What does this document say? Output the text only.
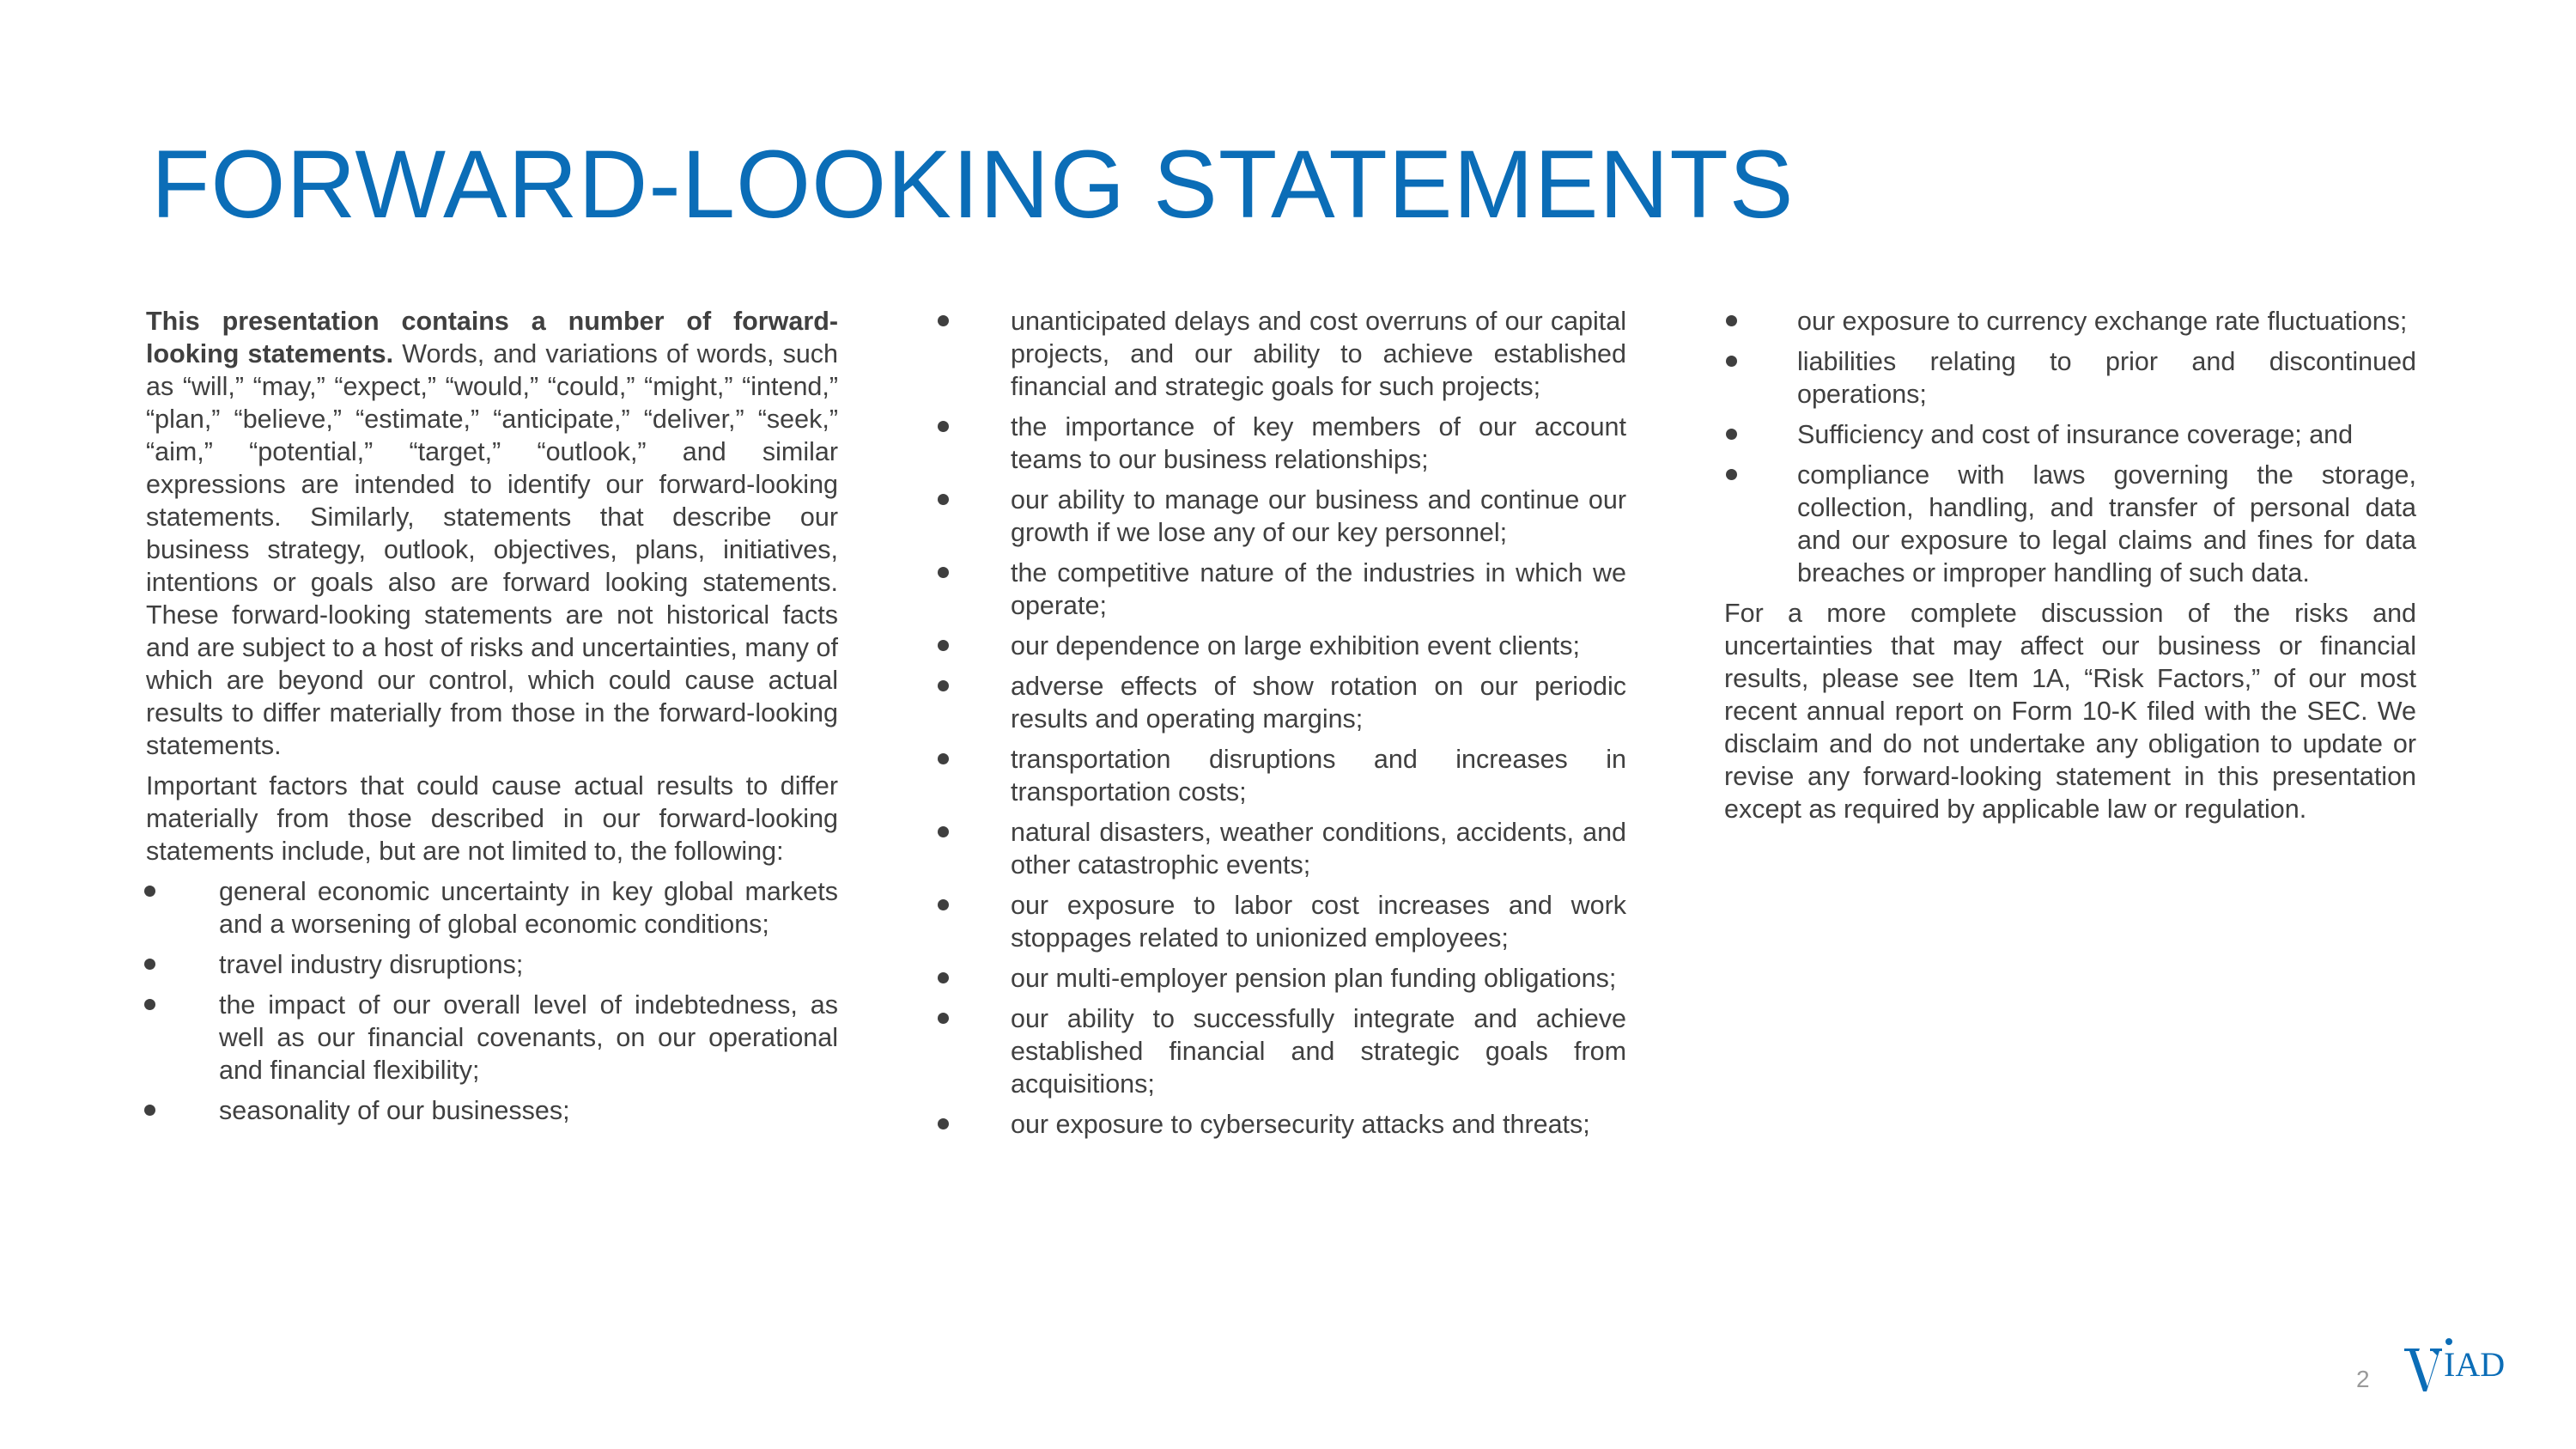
FORWARD-LOOKING STATEMENTS

This presentation contains a number of forward-looking statements. Words, and variations of words, such as “will,” “may,” “expect,” “would,” “could,” “might,” “intend,” “plan,” “believe,” “estimate,” “anticipate,” “deliver,” “seek,” “aim,” “potential,” “target,” “outlook,” and similar expressions are intended to identify our forward-looking statements. Similarly, statements that describe our business strategy, outlook, objectives, plans, initiatives, intentions or goals also are forward looking statements. These forward-looking statements are not historical facts and are subject to a host of risks and uncertainties, many of which are beyond our control, which could cause actual results to differ materially from those in the forward-looking statements.

Important factors that could cause actual results to differ materially from those described in our forward-looking statements include, but are not limited to, the following:

general economic uncertainty in key global markets and a worsening of global economic conditions;
travel industry disruptions;
the impact of our overall level of indebtedness, as well as our financial covenants, on our operational and financial flexibility;
seasonality of our businesses;
unanticipated delays and cost overruns of our capital projects, and our ability to achieve established financial and strategic goals for such projects;
the importance of key members of our account teams to our business relationships;
our ability to manage our business and continue our growth if we lose any of our key personnel;
the competitive nature of the industries in which we operate;
our dependence on large exhibition event clients;
adverse effects of show rotation on our periodic results and operating margins;
transportation disruptions and increases in transportation costs;
natural disasters, weather conditions, accidents, and other catastrophic events;
our exposure to labor cost increases and work stoppages related to unionized employees;
our multi-employer pension plan funding obligations;
our ability to successfully integrate and achieve established financial and strategic goals from acquisitions;
our exposure to cybersecurity attacks and threats;
our exposure to currency exchange rate fluctuations;
liabilities relating to prior and discontinued operations;
Sufficiency and cost of insurance coverage; and
compliance with laws governing the storage, collection, handling, and transfer of personal data and our exposure to legal claims and fines for data breaches or improper handling of such data.

For a more complete discussion of the risks and uncertainties that may affect our business or financial results, please see Item 1A, “Risk Factors,” of our most recent annual report on Form 10-K filed with the SEC. We disclaim and do not undertake any obligation to update or revise any forward-looking statement in this presentation except as required by applicable law or regulation.

2 IAD
